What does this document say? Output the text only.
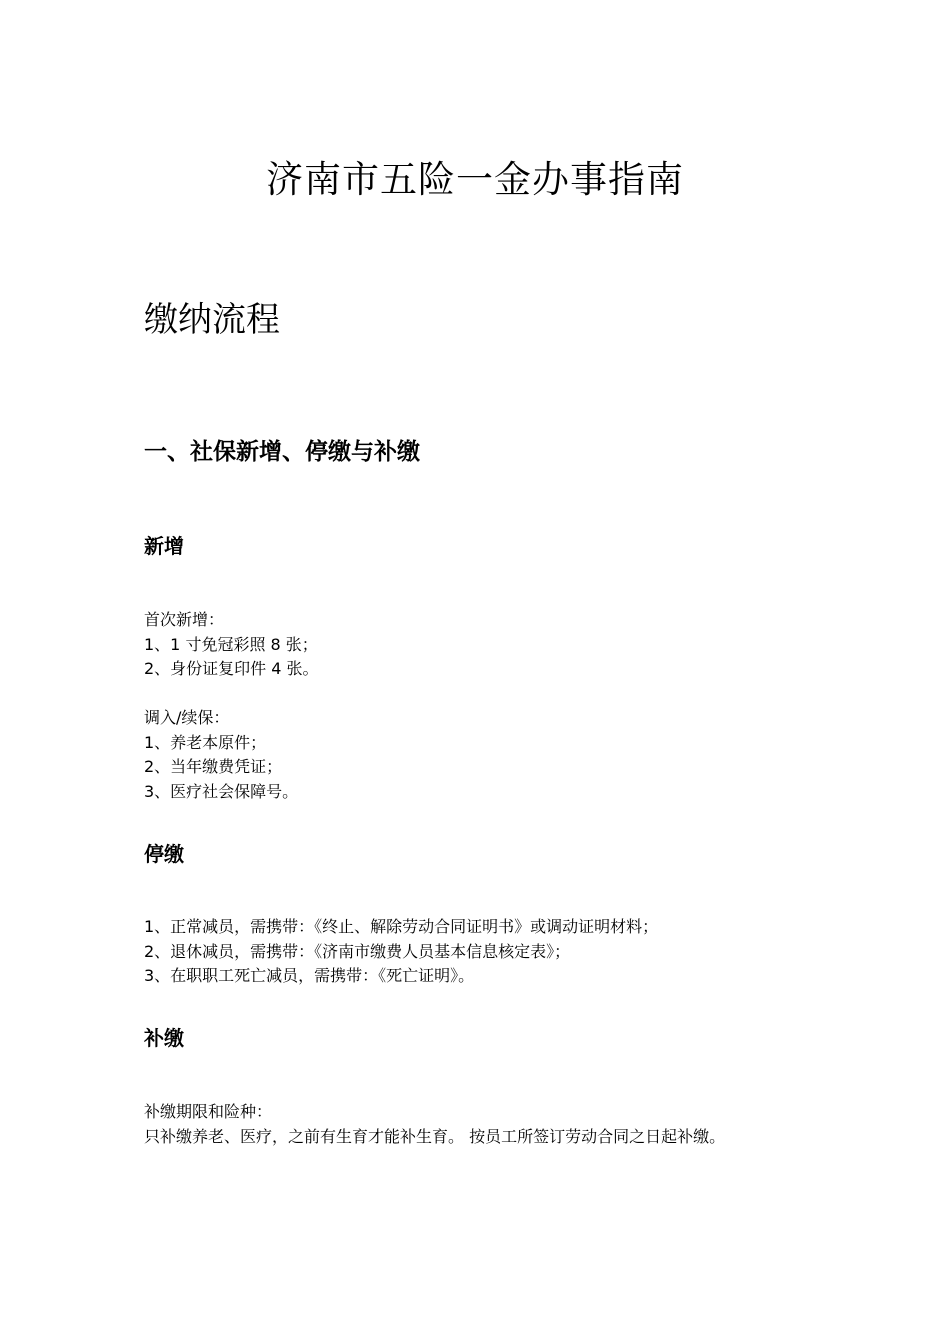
济南市五险一金办事指南
缴纳流程
一、社保新增、停缴与补缴
新增

首次新增：

1、1 寸免冠彩照 8 张；
2、身份证复印件 4 张。

调入/续保：

1、养老本原件；
2、当年缴费凭证；
3、医疗社会保障号。
停缴
1、正常减员，需携带：《终止、解除劳动合同证明书》或调动证明材料；
2、退休减员，需携带：《济南市缴费人员基本信息核定表》；
3、在职职工死亡减员，需携带：《死亡证明》。
补缴

补缴期限和险种：

只补缴养老、医疗，之前有生育才能补生育。 按员工所签订劳动合同之日起补缴。
